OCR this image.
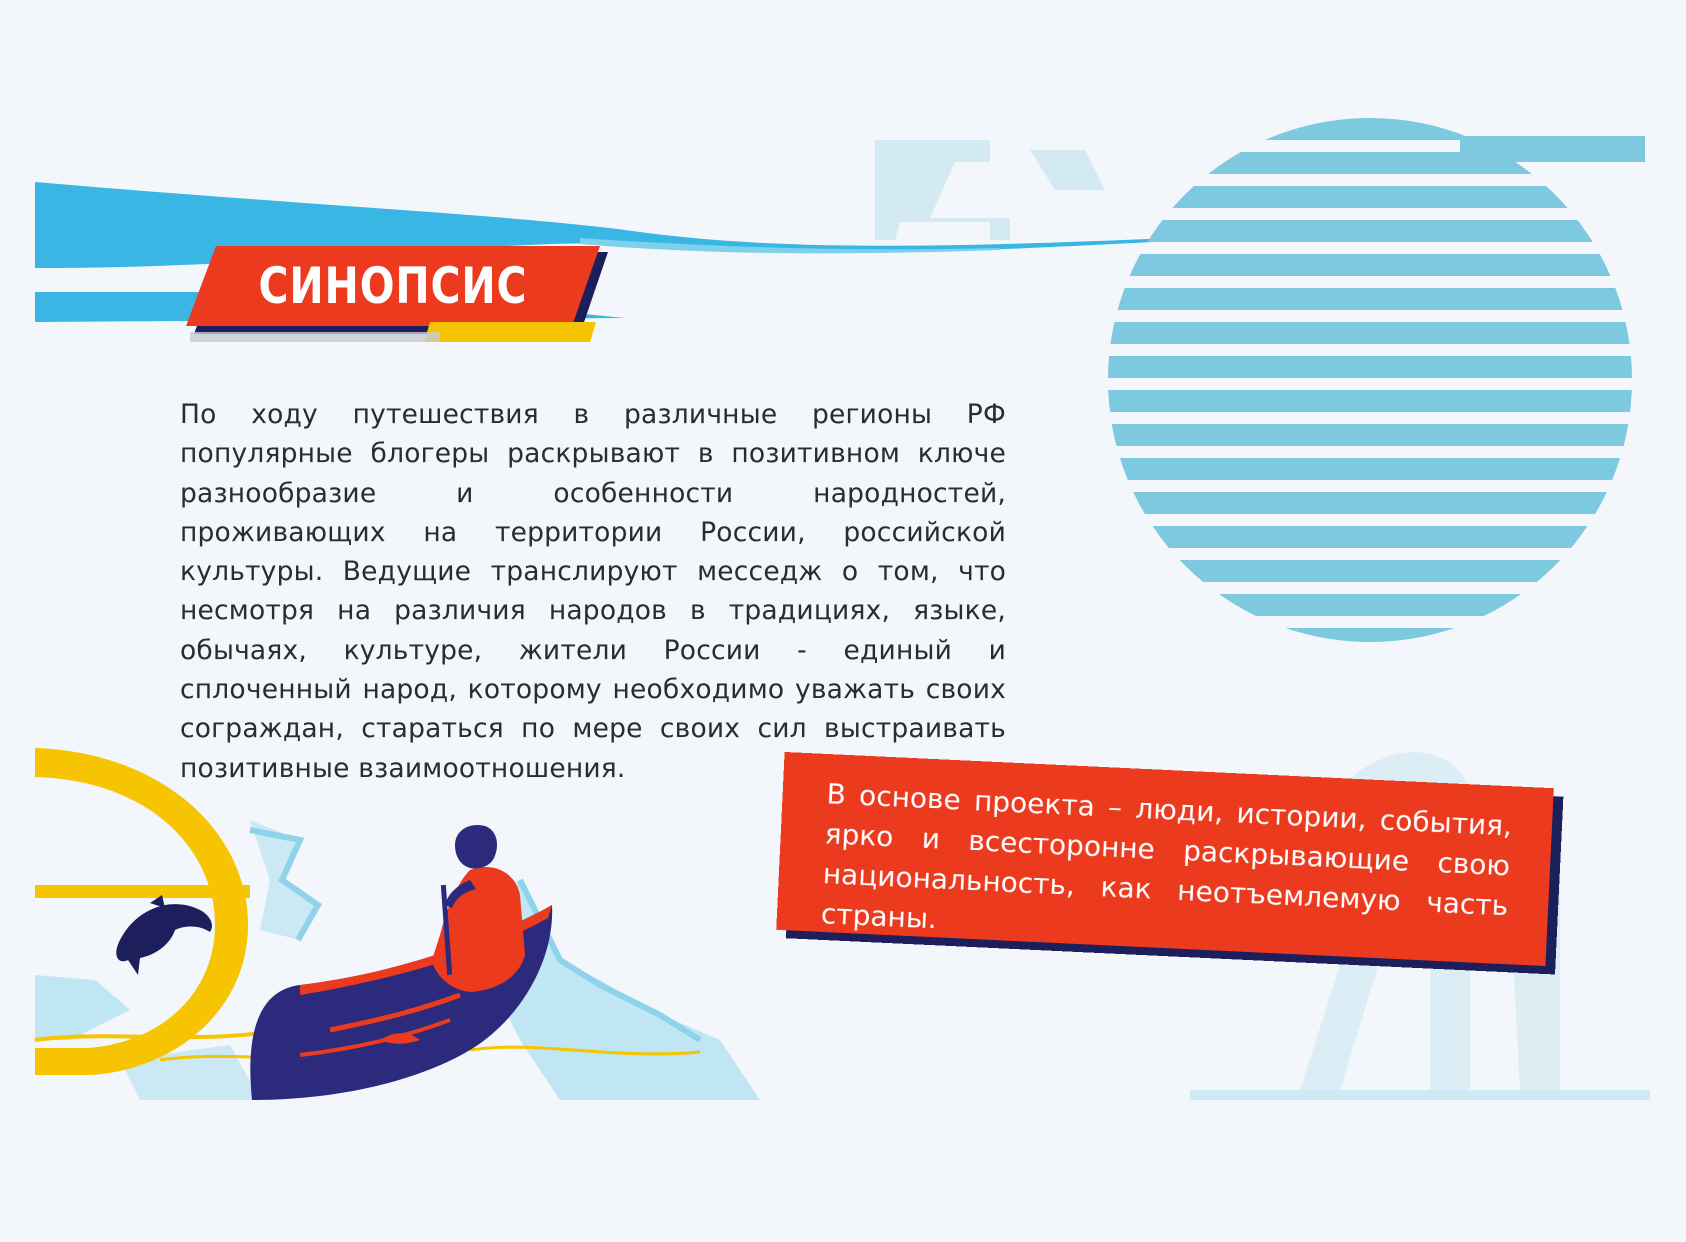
СИНОПСИС

По ходу путешествия в различные регионы РФ популярные блогеры раскрывают в позитивном ключе разнообразие и особенности народностей, проживающих на территории России, российской культуры. Ведущие транслируют месседж о том, что несмотря на различия народов в традициях, языке, обычаях, культуре, жители России - единый и сплоченный народ, которому необходимо уважать своих сограждан, стараться по мере своих сил выстраивать позитивные взаимоотношения.

В основе проекта – люди, истории, события, ярко и всесторонне раскрывающие свою национальность, как неотъемлемую часть страны.
